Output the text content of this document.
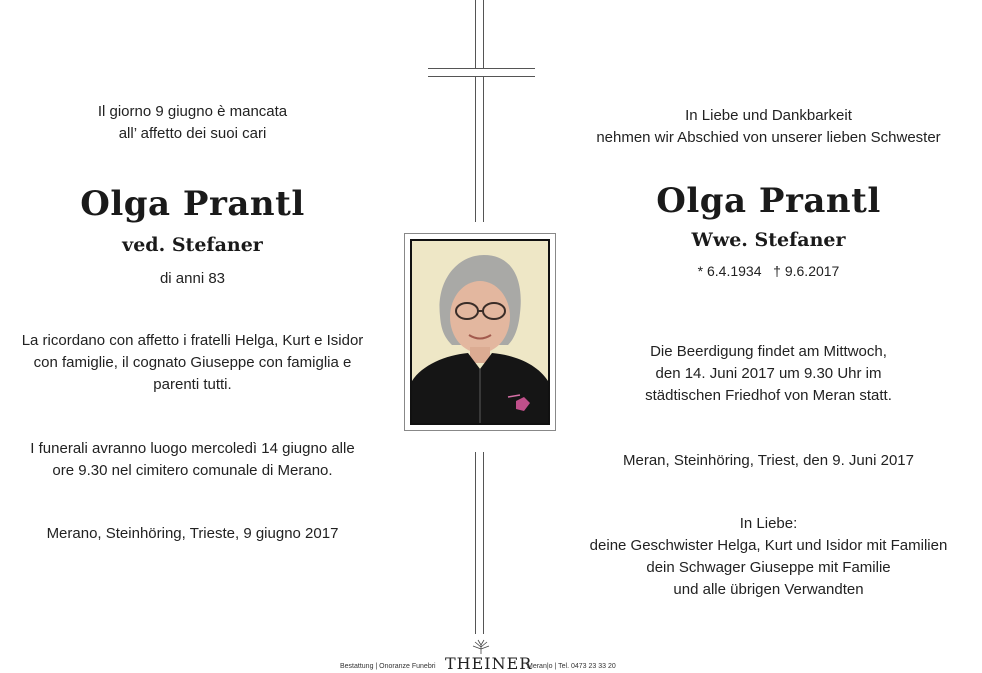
Il giorno 9 giugno è mancata

all’ affetto dei suoi cari

Olga Prantl

ved. Stefaner

di anni 83

La ricordano con affetto i fratelli Helga, Kurt e Isidor

con famiglie, il cognato Giuseppe con famiglia e

parenti tutti.

I funerali avranno luogo mercoledì 14 giugno alle

ore 9.30 nel cimitero comunale di Merano.

Merano, Steinhöring, Trieste, 9 giugno 2017

In Liebe und Dankbarkeit

nehmen wir Abschied von unserer lieben Schwester

Olga Prantl

Wwe. Stefaner

* 6.4.1934 † 9.6.2017

Die Beerdigung findet am Mittwoch,

den 14. Juni 2017 um 9.30 Uhr im

städtischen Friedhof von Meran statt.

Meran, Steinhöring, Triest, den 9. Juni 2017

In Liebe:

deine Geschwister Helga, Kurt und Isidor mit Familien

dein Schwager Giuseppe mit Familie

und alle übrigen Verwandten

Bestattung | Onoranze Funebri THEINER
Meran|o | Tel. 0473 23 33 20
